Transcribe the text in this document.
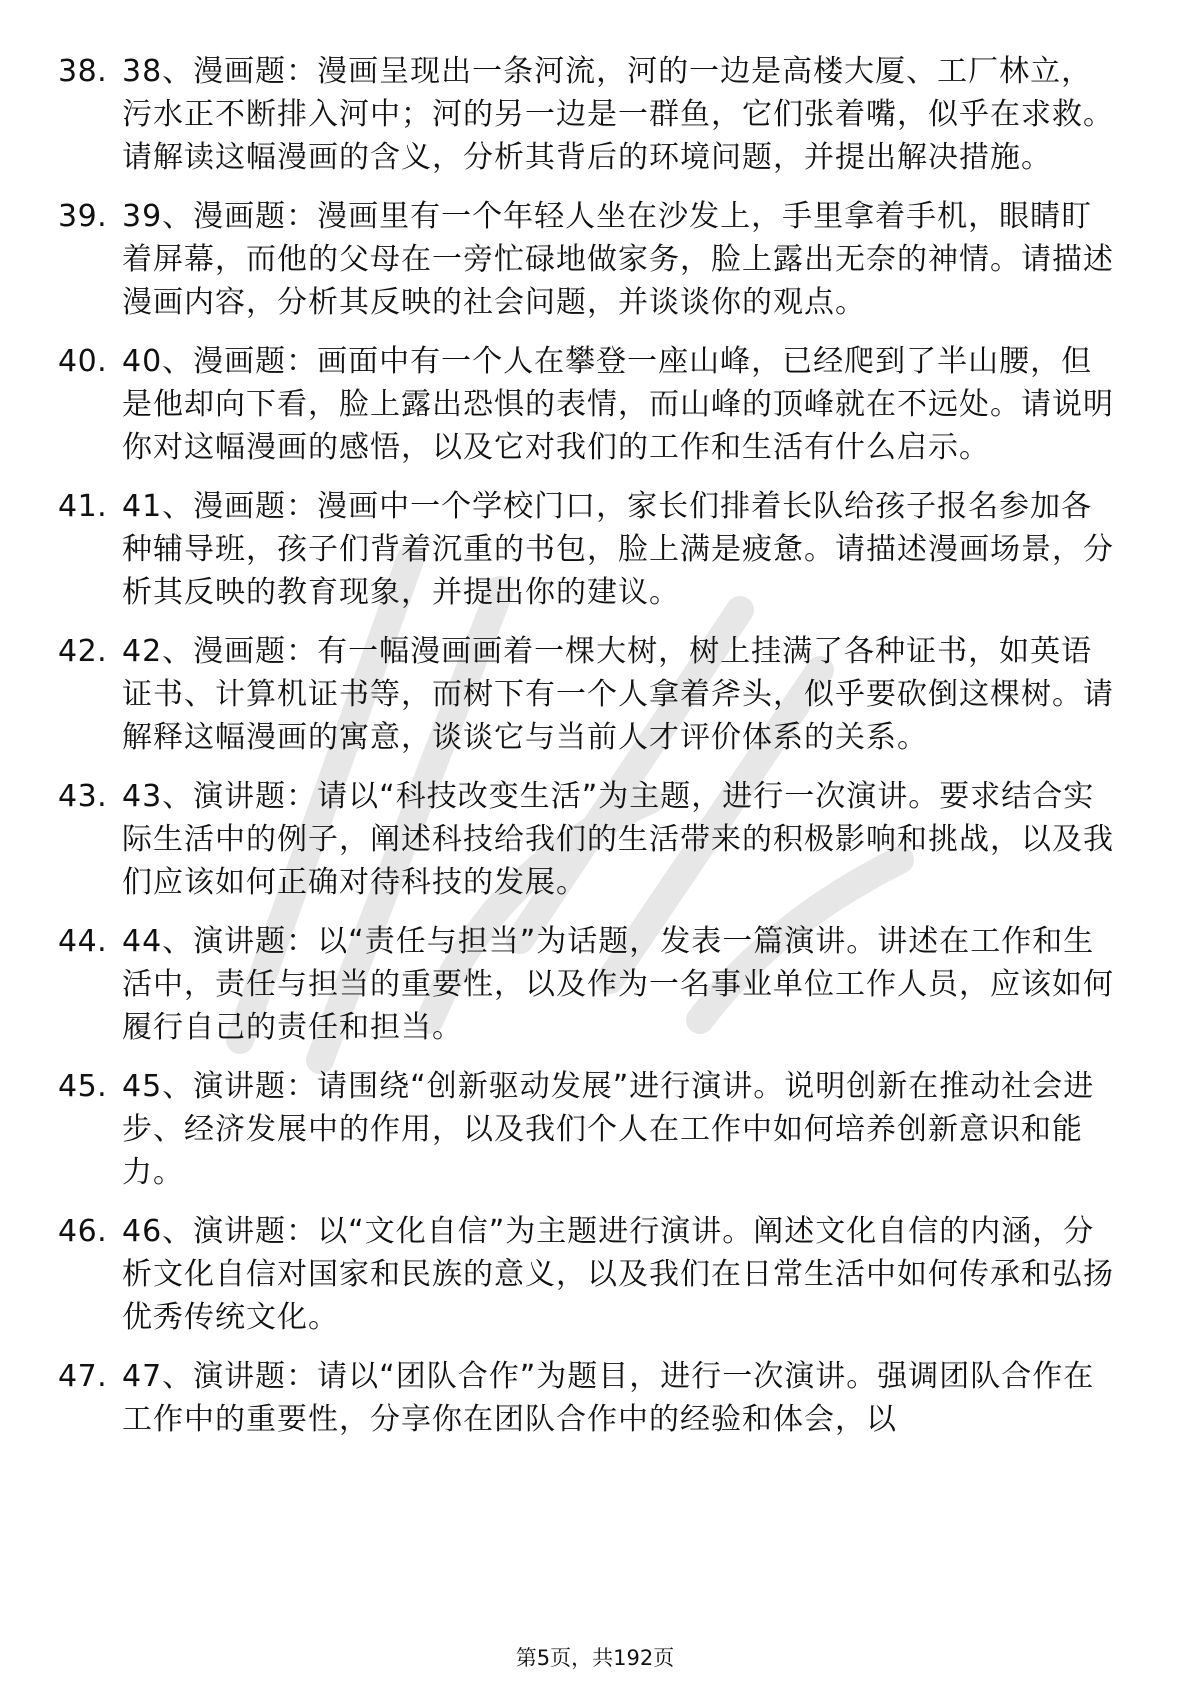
38. 38、漫画题：漫画呈现出一条河流，河的一边是高楼大厦、工厂林立，污水正不断排入河中；河的另一边是一群鱼，它们张着嘴，似乎在求救。请解读这幅漫画的含义，分析其背后的环境问题，并提出解决措施。
39. 39、漫画题：漫画里有一个年轻人坐在沙发上，手里拿着手机，眼睛盯着屏幕，而他的父母在一旁忙碌地做家务，脸上露出无奈的神情。请描述漫画内容，分析其反映的社会问题，并谈谈你的观点。
40. 40、漫画题：画面中有一个人在攀登一座山峰，已经爬到了半山腰，但是他却向下看，脸上露出恐惧的表情，而山峰的顶峰就在不远处。请说明你对这幅漫画的感悟，以及它对我们的工作和生活有什么启示。
41. 41、漫画题：漫画中一个学校门口，家长们排着长队给孩子报名参加各种辅导班，孩子们背着沉重的书包，脸上满是疲惫。请描述漫画场景，分析其反映的教育现象，并提出你的建议。
42. 42、漫画题：有一幅漫画画着一棵大树，树上挂满了各种证书，如英语证书、计算机证书等，而树下有一个人拿着斧头，似乎要砍倒这棵树。请解释这幅漫画的寓意，谈谈它与当前人才评价体系的关系。
43. 43、演讲题：请以“科技改变生活”为主题，进行一次演讲。要求结合实际生活中的例子，阐述科技给我们的生活带来的积极影响和挑战，以及我们应该如何正确对待科技的发展。
44. 44、演讲题：以“责任与担当”为话题，发表一篇演讲。讲述在工作和生活中，责任与担当的重要性，以及作为一名事业单位工作人员，应该如何履行自己的责任和担当。
45. 45、演讲题：请围绕“创新驱动发展”进行演讲。说明创新在推动社会进步、经济发展中的作用，以及我们个人在工作中如何培养创新意识和能力。
46. 46、演讲题：以“文化自信”为主题进行演讲。阐述文化自信的内涵，分析文化自信对国家和民族的意义，以及我们在日常生活中如何传承和弘扬优秀传统文化。
47. 47、演讲题：请以“团队合作”为题目，进行一次演讲。强调团队合作在工作中的重要性，分享你在团队合作中的经验和体会，以
第5页，共192页
